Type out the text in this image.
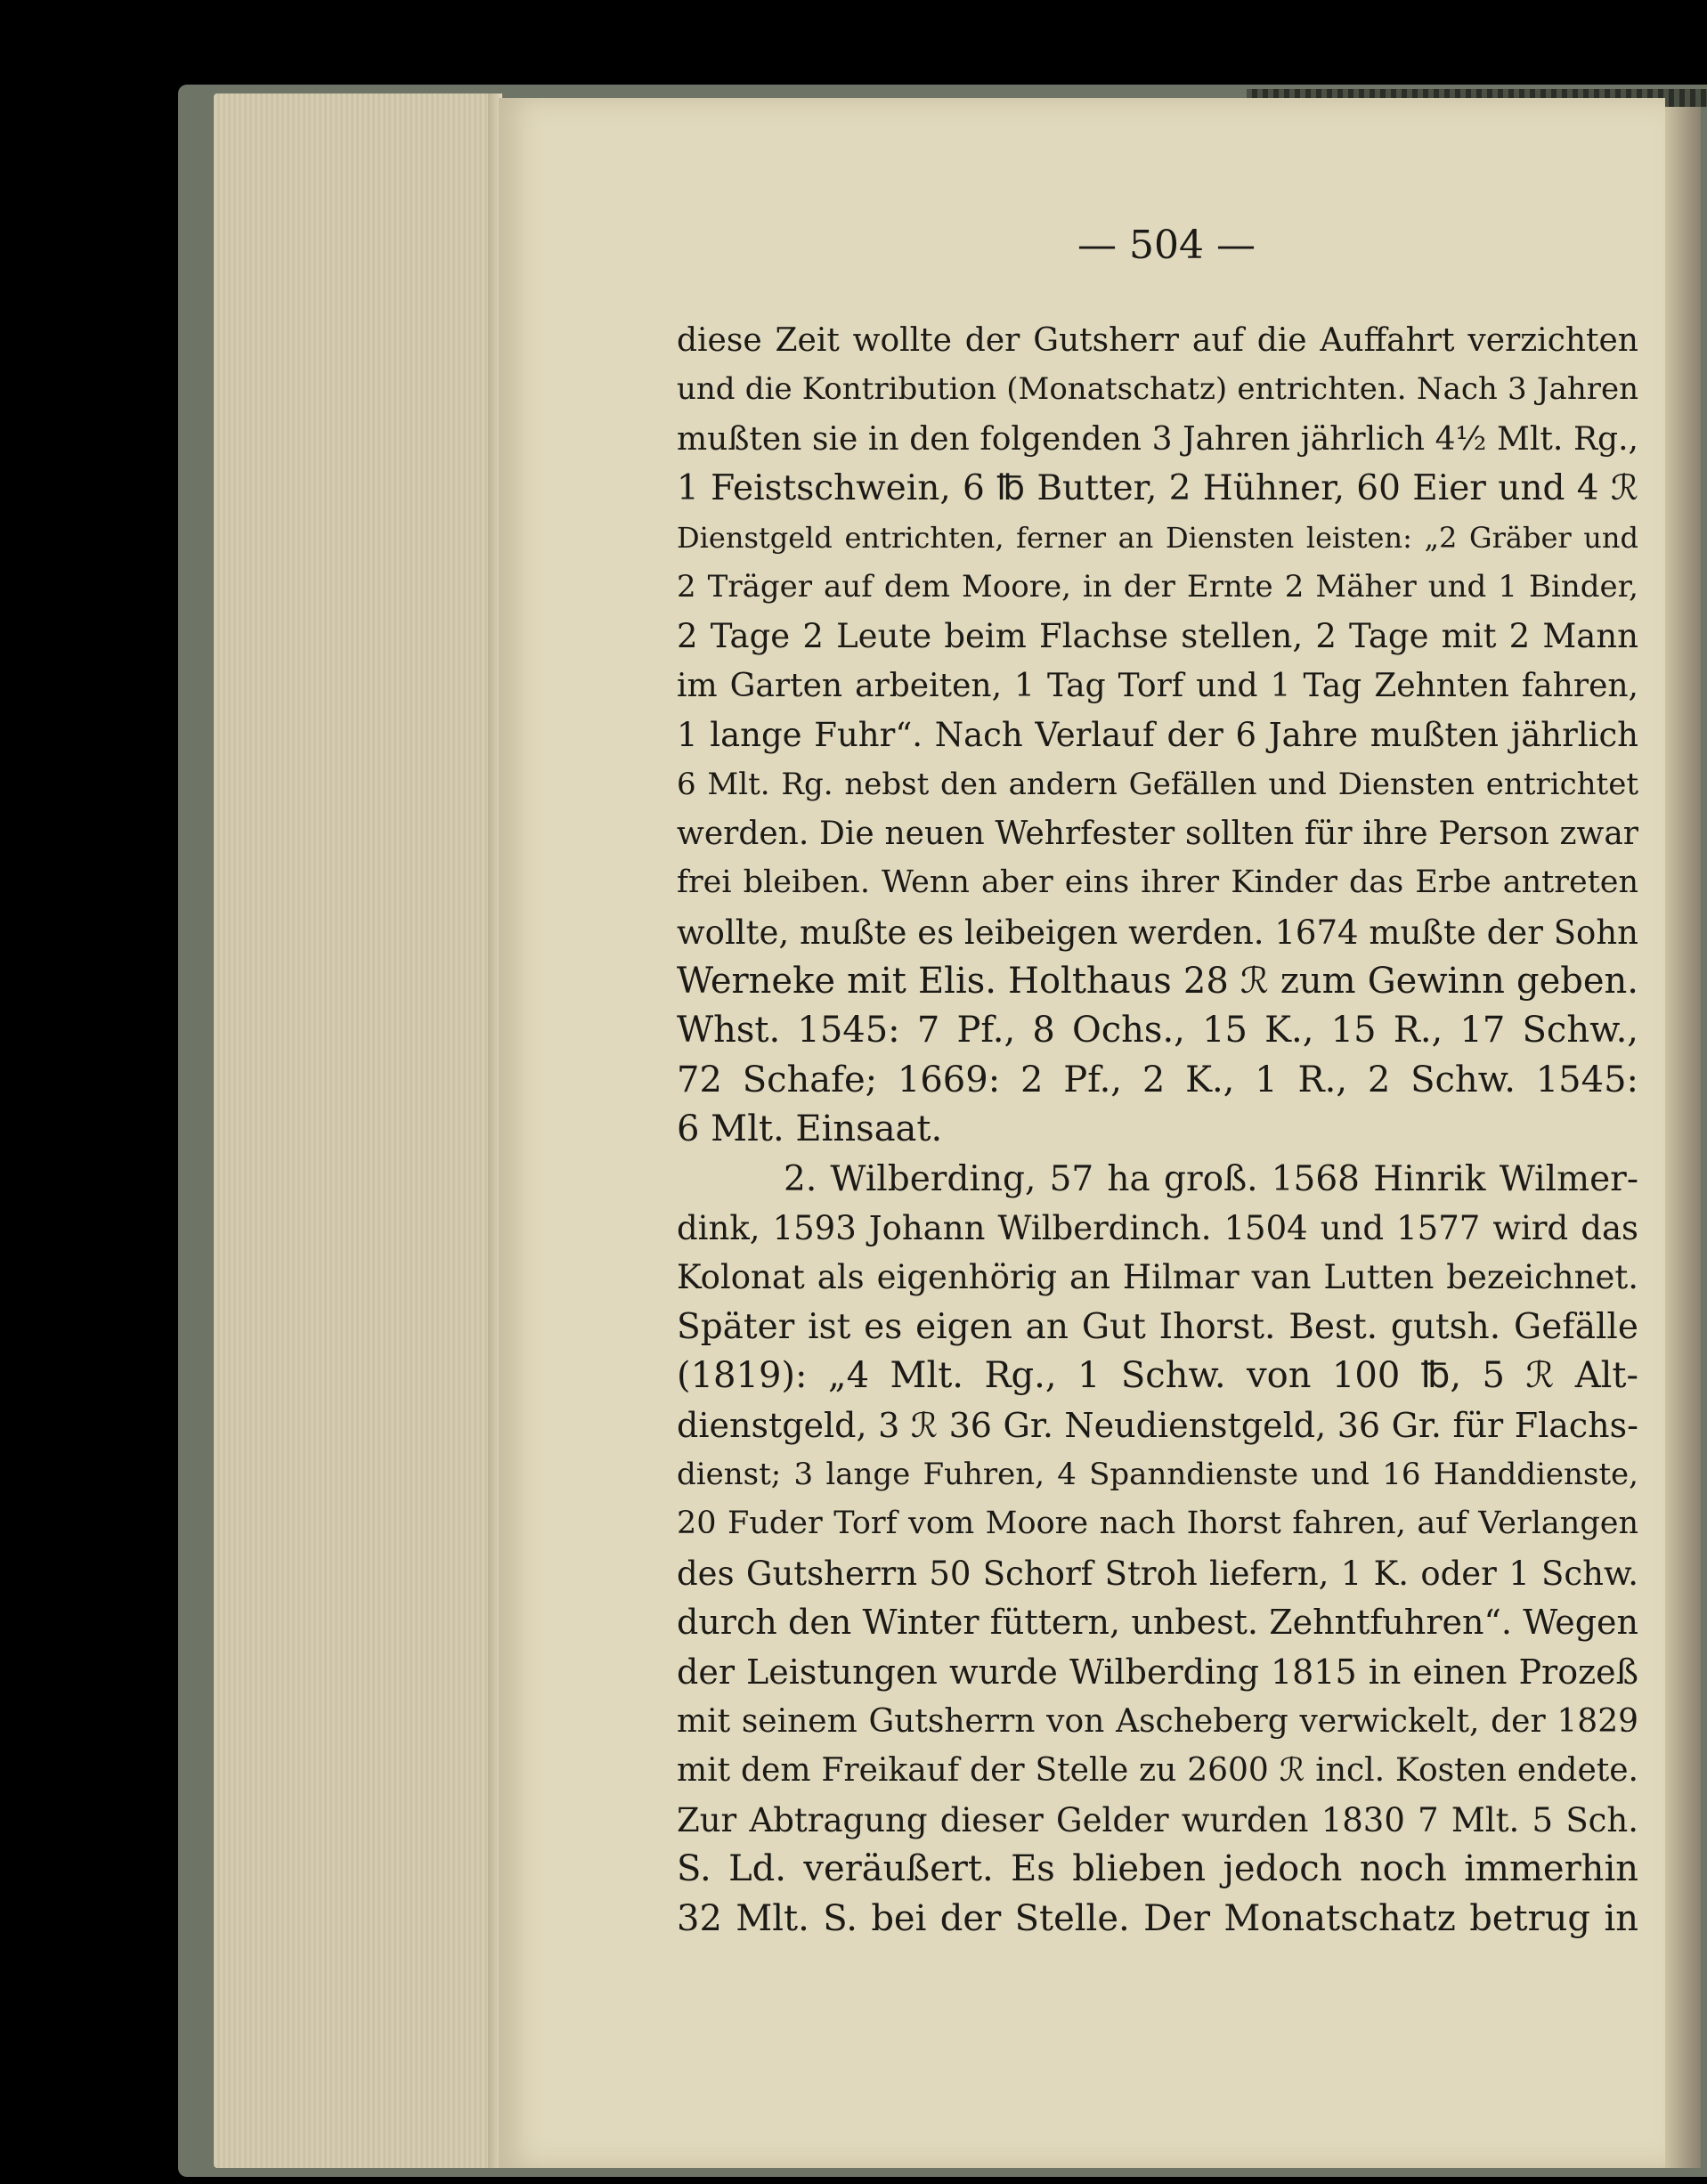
— 504 —
diese Zeit wollte der Gutsherr auf die Auffahrt verzichten
und die Kontribution (Monatschatz) entrichten. Nach 3 Jahren
mußten sie in den folgenden 3 Jahren jährlich 4½ Mlt. Rg.,
1 Feistschwein, 6 ℔ Butter, 2 Hühner, 60 Eier und 4 ℛ
Dienstgeld entrichten, ferner an Diensten leisten: „2 Gräber und
2 Träger auf dem Moore, in der Ernte 2 Mäher und 1 Binder,
2 Tage 2 Leute beim Flachse stellen, 2 Tage mit 2 Mann
im Garten arbeiten, 1 Tag Torf und 1 Tag Zehnten fahren,
1 lange Fuhr“. Nach Verlauf der 6 Jahre mußten jährlich
6 Mlt. Rg. nebst den andern Gefällen und Diensten entrichtet
werden. Die neuen Wehrfester sollten für ihre Person zwar
frei bleiben. Wenn aber eins ihrer Kinder das Erbe antreten
wollte, mußte es leibeigen werden. 1674 mußte der Sohn
Werneke mit Elis. Holthaus 28 ℛ zum Gewinn geben.
Whst. 1545: 7 Pf., 8 Ochs., 15 K., 15 R., 17 Schw.,
72 Schafe; 1669: 2 Pf., 2 K., 1 R., 2 Schw. 1545:
6 Mlt. Einsaat.
2. Wilberding, 57 ha groß. 1568 Hinrik Wilmer-
dink, 1593 Johann Wilberdinch. 1504 und 1577 wird das
Kolonat als eigenhörig an Hilmar van Lutten bezeichnet.
Später ist es eigen an Gut Ihorst. Best. gutsh. Gefälle
(1819): „4 Mlt. Rg., 1 Schw. von 100 ℔, 5 ℛ Alt-
dienstgeld, 3 ℛ 36 Gr. Neudienstgeld, 36 Gr. für Flachs-
dienst; 3 lange Fuhren, 4 Spanndienste und 16 Handdienste,
20 Fuder Torf vom Moore nach Ihorst fahren, auf Verlangen
des Gutsherrn 50 Schorf Stroh liefern, 1 K. oder 1 Schw.
durch den Winter füttern, unbest. Zehntfuhren“. Wegen
der Leistungen wurde Wilberding 1815 in einen Prozeß
mit seinem Gutsherrn von Ascheberg verwickelt, der 1829
mit dem Freikauf der Stelle zu 2600 ℛ incl. Kosten endete.
Zur Abtragung dieser Gelder wurden 1830 7 Mlt. 5 Sch.
S. Ld. veräußert. Es blieben jedoch noch immerhin
32 Mlt. S. bei der Stelle. Der Monatschatz betrug in
